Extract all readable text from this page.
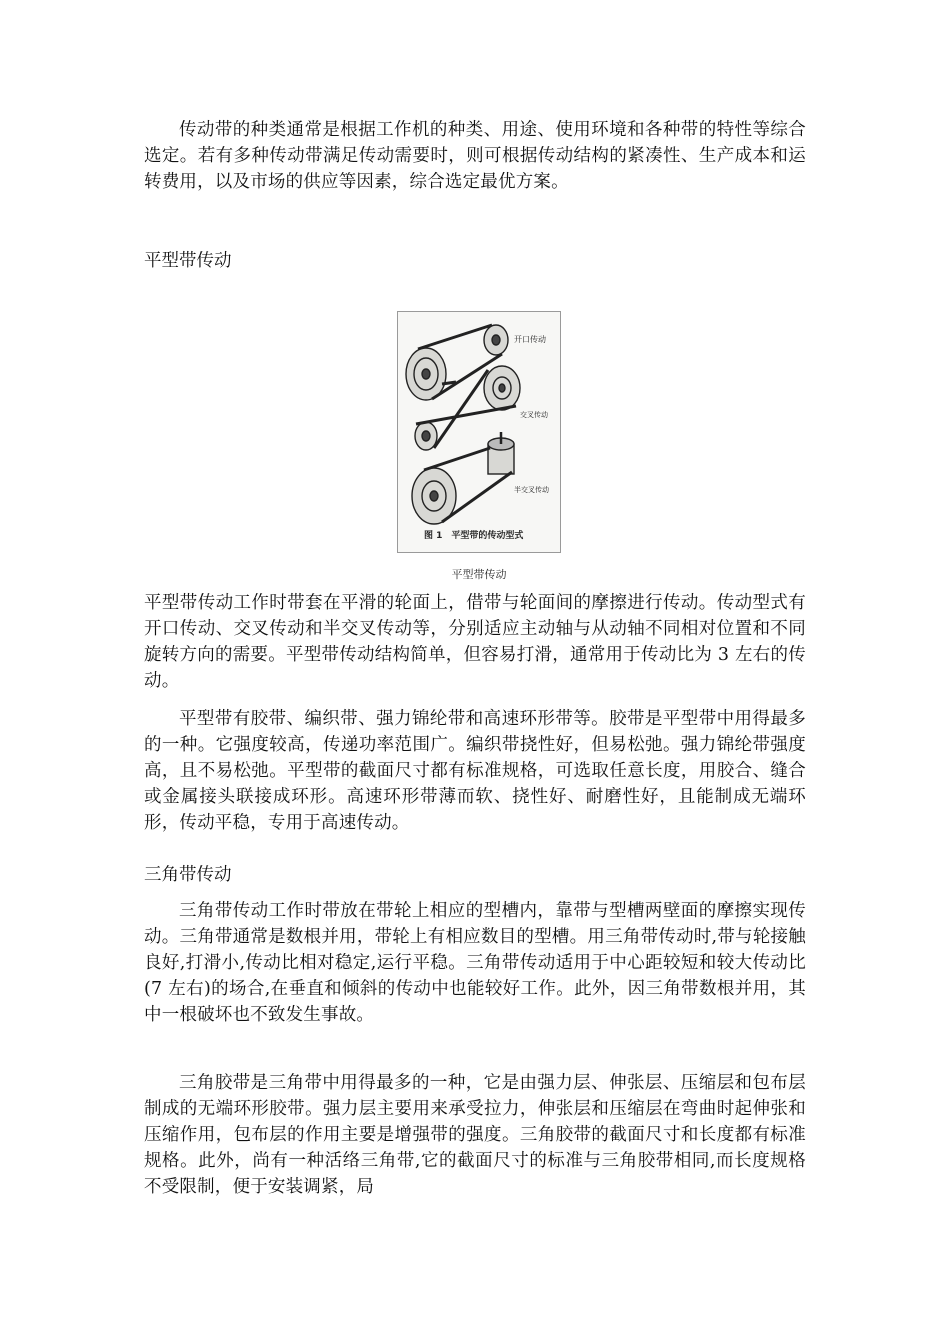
传动带的种类通常是根据工作机的种类、用途、使用环境和各种带的特性等综合选定。若有多种传动带满足传动需要时，则可根据传动结构的紧凑性、生产成本和运转费用，以及市场的供应等因素，综合选定最优方案。

平型带传动
开口传动
交叉传动
半交叉传动
图 1　平型带的传动型式
平型带传动

平型带传动工作时带套在平滑的轮面上，借带与轮面间的摩擦进行传动。传动型式有开口传动、交叉传动和半交叉传动等，分别适应主动轴与从动轴不同相对位置和不同旋转方向的需要。平型带传动结构简单，但容易打滑，通常用于传动比为 3 左右的传动。

平型带有胶带、编织带、强力锦纶带和高速环形带等。胶带是平型带中用得最多的一种。它强度较高，传递功率范围广。编织带挠性好，但易松弛。强力锦纶带强度高，且不易松弛。平型带的截面尺寸都有标准规格，可选取任意长度，用胶合、缝合或金属接头联接成环形。高速环形带薄而软、挠性好、耐磨性好，且能制成无端环形，传动平稳，专用于高速传动。

三角带传动

三角带传动工作时带放在带轮上相应的型槽内，靠带与型槽两壁面的摩擦实现传动。三角带通常是数根并用，带轮上有相应数目的型槽。用三角带传动时,带与轮接触良好,打滑小,传动比相对稳定,运行平稳。三角带传动适用于中心距较短和较大传动比(7 左右)的场合,在垂直和倾斜的传动中也能较好工作。此外，因三角带数根并用，其中一根破坏也不致发生事故。

三角胶带是三角带中用得最多的一种，它是由强力层、伸张层、压缩层和包布层制成的无端环形胶带。强力层主要用来承受拉力，伸张层和压缩层在弯曲时起伸张和压缩作用，包布层的作用主要是增强带的强度。三角胶带的截面尺寸和长度都有标准规格。此外，尚有一种活络三角带,它的截面尺寸的标准与三角胶带相同,而长度规格不受限制，便于安装调紧，局
